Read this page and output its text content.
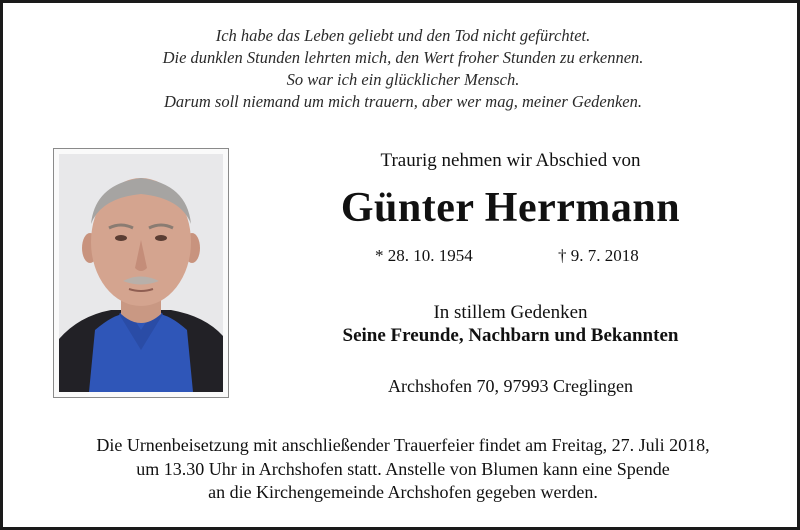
Ich habe das Leben geliebt und den Tod nicht gefürchtet.
Die dunklen Stunden lehrten mich, den Wert froher Stunden zu erkennen.
So war ich ein glücklicher Mensch.
Darum soll niemand um mich trauern, aber wer mag, meiner Gedenken.
Traurig nehmen wir Abschied von
Günter Herrmann
* 28. 10. 1954	† 9. 7. 2018
In stillem Gedenken
Seine Freunde, Nachbarn und Bekannten
Archshofen 70, 97993 Creglingen
Die Urnenbeisetzung mit anschließender Trauerfeier findet am Freitag, 27. Juli 2018,
um 13.30 Uhr in Archshofen statt. Anstelle von Blumen kann eine Spende
an die Kirchengemeinde Archshofen gegeben werden.
